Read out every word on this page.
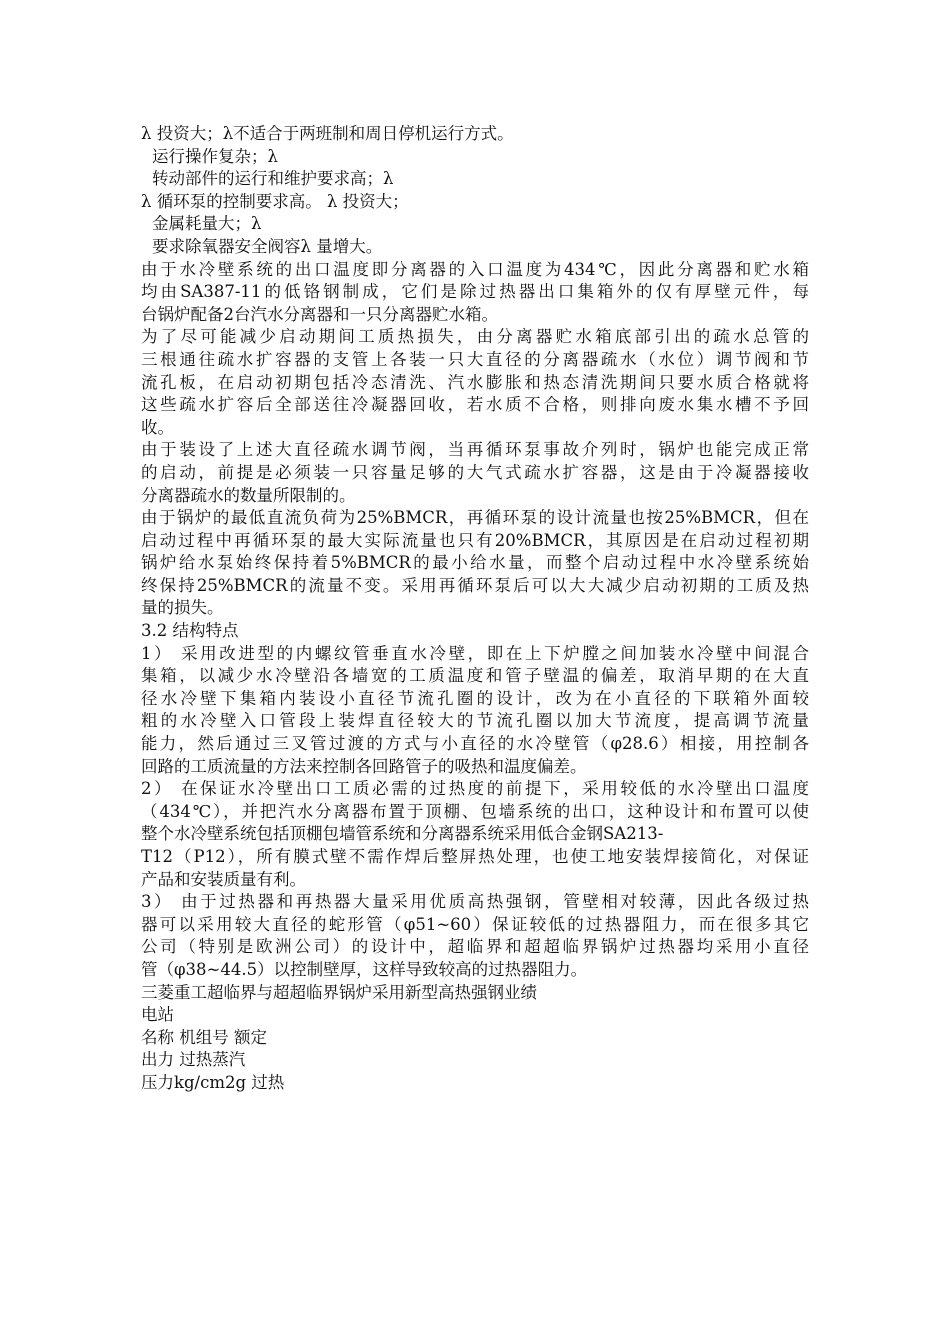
λ 投资大；λ不适合于两班制和周日停机运行方式。
运行操作复杂；λ
转动部件的运行和维护要求高；λ
λ 循环泵的控制要求高。 λ 投资大；
金属耗量大；λ
要求除氧器安全阀容λ 量增大。
由于水冷壁系统的出口温度即分离器的入口温度为434℃，因此分离器和贮水箱
均由SA387-11的低铬钢制成，它们是除过热器出口集箱外的仅有厚壁元件，每
台锅炉配备2台汽水分离器和一只分离器贮水箱。
为了尽可能减少启动期间工质热损失，由分离器贮水箱底部引出的疏水总管的
三根通往疏水扩容器的支管上各装一只大直径的分离器疏水（水位）调节阀和节
流孔板，在启动初期包括冷态清洗、汽水膨胀和热态清洗期间只要水质合格就将
这些疏水扩容后全部送往冷凝器回收，若水质不合格，则排向废水集水槽不予回
收。
由于装设了上述大直径疏水调节阀，当再循环泵事故介列时，锅炉也能完成正常
的启动，前提是必须装一只容量足够的大气式疏水扩容器，这是由于冷凝器接收
分离器疏水的数量所限制的。
由于锅炉的最低直流负荷为25%BMCR，再循环泵的设计流量也按25%BMCR，但在
启动过程中再循环泵的最大实际流量也只有20%BMCR，其原因是在启动过程初期
锅炉给水泵始终保持着5%BMCR的最小给水量，而整个启动过程中水冷壁系统始
终保持25%BMCR的流量不变。采用再循环泵后可以大大减少启动初期的工质及热
量的损失。
3.2 结构特点
1） 采用改进型的内螺纹管垂直水冷壁，即在上下炉膛之间加装水冷壁中间混合
集箱，以减少水冷壁沿各墙宽的工质温度和管子壁温的偏差，取消早期的在大直
径水冷壁下集箱内装设小直径节流孔圈的设计，改为在小直径的下联箱外面较
粗的水冷壁入口管段上装焊直径较大的节流孔圈以加大节流度，提高调节流量
能力，然后通过三叉管过渡的方式与小直径的水冷壁管（φ28.6）相接，用控制各
回路的工质流量的方法来控制各回路管子的吸热和温度偏差。
2） 在保证水冷壁出口工质必需的过热度的前提下，采用较低的水冷壁出口温度
（434℃），并把汽水分离器布置于顶棚、包墙系统的出口，这种设计和布置可以使
整个水冷壁系统包括顶棚包墙管系统和分离器系统采用低合金钢SA213-
T12（P12），所有膜式壁不需作焊后整屏热处理，也使工地安装焊接简化，对保证
产品和安装质量有利。
3） 由于过热器和再热器大量采用优质高热强钢，管壁相对较薄，因此各级过热
器可以采用较大直径的蛇形管（φ51~60）保证较低的过热器阻力，而在很多其它
公司（特别是欧洲公司）的设计中，超临界和超超临界锅炉过热器均采用小直径
管（φ38~44.5）以控制壁厚，这样导致较高的过热器阻力。
三菱重工超临界与超超临界锅炉采用新型高热强钢业绩
电站
名称 机组号 额定
出力 过热蒸汽
压力kg/cm2g 过热
